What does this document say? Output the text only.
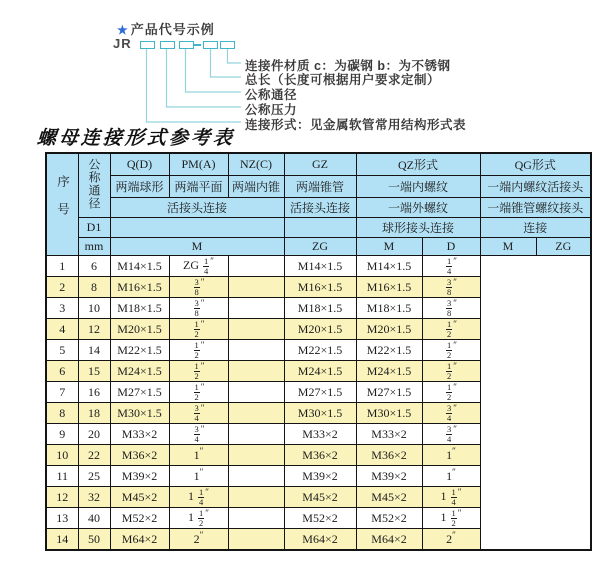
★ 产品代号示例
JR
连接件材质 c：为碳钢 b：为不锈钢
总长（长度可根据用户要求定制）
公称通径
公称压力
连接形式：见金属软管常用结构形式表
螺母连接形式参考表
序号	公称通径	Q(D)	PM(A)	NZ(C)	GZ	QZ形式		QG形式	
		两端球形	两端平面	两端内锥	两端锥管	一端内螺纹		一端内螺纹活接头	
		活接头连接			活接头连接	一端外螺纹		一端锥管螺纹接头	
	D1					球形接头连接		连接	
	mm	M			ZG	M	D	M	ZG
1	6	M14×1.5	ZG $\frac{1}{4} ''$		M14×1.5	M14×1.5	$\frac{1}{4} ''$
2	8	M16×1.5	$\frac{3}{8} ''$		M16×1.5	M16×1.5	$\frac{3}{8} ''$
3	10	M18×1.5	$\frac{3}{8} ''$		M18×1.5	M18×1.5	$\frac{3}{8} ''$
4	12	M20×1.5	$\frac{1}{2} ''$		M20×1.5	M20×1.5	$\frac{1}{2} ''$
5	14	M22×1.5	$\frac{1}{2} ''$		M22×1.5	M22×1.5	$\frac{1}{2} ''$
6	15	M24×1.5	$\frac{1}{2} ''$		M24×1.5	M24×1.5	$\frac{1}{2} ''$
7	16	M27×1.5	$\frac{1}{2} ''$		M27×1.5	M27×1.5	$\frac{1}{2} ''$
8	18	M30×1.5	$\frac{3}{4} ''$		M30×1.5	M30×1.5	$\frac{3}{4} ''$
9	20	M33×2	$\frac{3}{4} ''$		M33×2	M33×2	$\frac{3}{4} ''$
10	22	M36×2	1″		M36×2	M36×2	1″
11	25	M39×2	1″		M39×2	M39×2	1″
12	32	M45×2	$1 \frac{1}{4} ''$		M45×2	M45×2	$1 \frac{1}{4} ''$
13	40	M52×2	$1 \frac{1}{2} ''$		M52×2	M52×2	$1 \frac{1}{2} ''$
14	50	M64×2	2″		M64×2	M64×2	2″
